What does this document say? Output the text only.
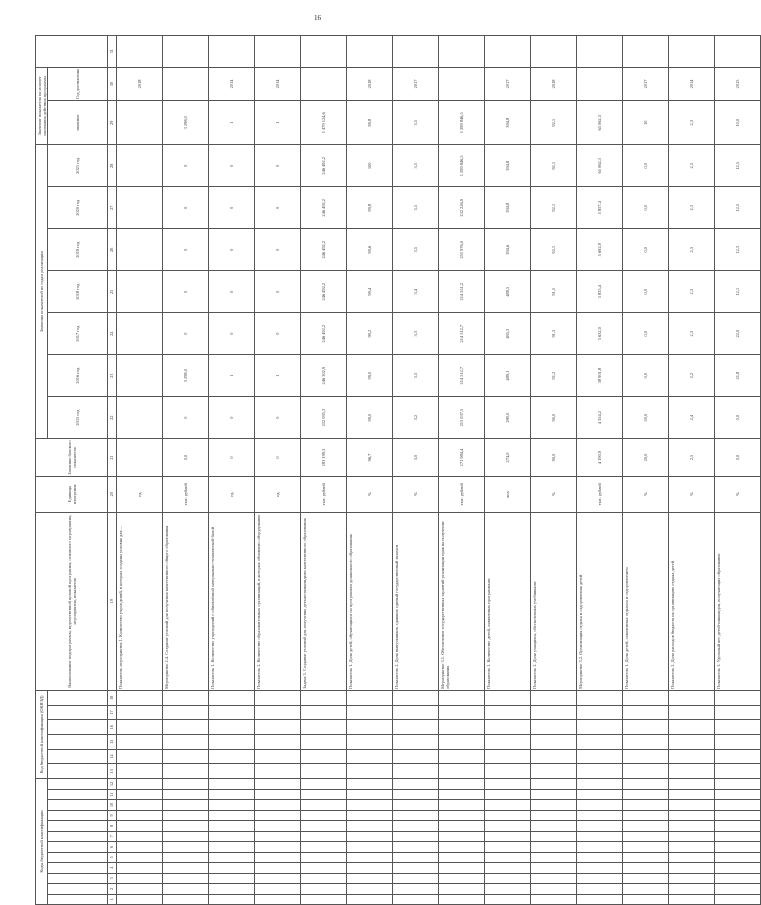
16
Коды бюджетной классификации												Код бюджетной классификации (ОКВЭД)						Наименование подпрограммы, ведомственной целевой программы, основного мероприятия, мероприятия, показателя	Единица измерения	Значение базового показателя	Значения показателей по годам реализации							Значение показателя на момент окончания действия программы		
																					2015 год	2016 год	2017 год	2018 год	2019 год	2020 год	2021 год	значение	Год достижения	
1	2	3	4	5	6	7	8	9	10	11	12	13	14	15	16	17	18	19	20	21	22	23	24	25	26	27	28	29	30	31
																		Показатель мероприятия 1. Количество учреждений, в которых созданы условия для ...	ед.										2018	
																		Мероприятие 2.4. Создание условий для получения качественного общего образования	тыс. рублей	0,0	0	3 298,0	0	0	0	0	0	3 298,0		
																		Показатель 1. Количество учреждений с обновлённой материально-технической базой	ед.	0	0	1	0	0	0	0	0	1	2014	
																		Показатель 2. Количество образовательных организаций, в которых обновлено оборудование	ед.	0	0	1	0	0	0	0	0	1	2014	
																		Задача 3. Создание условий для получения детьми-инвалидами качественного образования	тыс. рублей	183 199,3	232 095,3	246 302,9	246 492,2	246 492,2	246 492,2	246 492,2	246 492,2	1 479 124,6		
																		Показатель 1. Доля детей, обучающихся по программам дошкольного образования	%	96,7	99,0	99,0	99,2	99,4	99,6	99,8	100	99,8	2018	
																		Показатель 2. Доля выпускников, сдавших единый государственный экзамен	%	3,0	3,2	3,3	3,3	3,4	3,5	3,5	3,5	3,5	2017	
																		Мероприятие 3.1. Обеспечение государственных гарантий реализации прав на получение образования	тыс. рублей	171 984,4	215 037,5	214 512,7	214 512,7	214 551,2	255 976,0	232 226,9	1 299 846,5	1 299 846,5		
																		Показатель 1. Количество детей, охваченных программами	чел.	274,0	280,0	489,1	495,3	489,5	394,6	394,8	394,8	394,8	2017	
																		Показатель 2. Доля учащихся, обеспеченных учебниками	%	90,0	90,0	91,2	91,3	91,5	92,1	92,1	92,1	92,1	2018	
																		Мероприятие 3.2. Организация отдыха и оздоровления детей	тыс. рублей	4 190,9	4 354,2	38 901,8	3 632,0	3 835,4	5 692,8	5 857,4	65 062,3	65 062,3		
																		Показатель 1. Доля детей, охваченных отдыхом и оздоровлением	%	20,0	20,0	0,0	0,0	0,0	0,0	0,0	0,0	10	2017	
																		Показатель 2. Доля расходов бюджета на организацию отдыха детей	%	2,5	2,4	2,2	2,3	2,3	2,3	2,3	2,3	2,3	2014	
																		Показатель 3. Удельный вес детей-инвалидов, получающих образование	%	0,0	0,0	21,8	22,0	12,1	12,3	12,5	12,5	10,0	2015	
